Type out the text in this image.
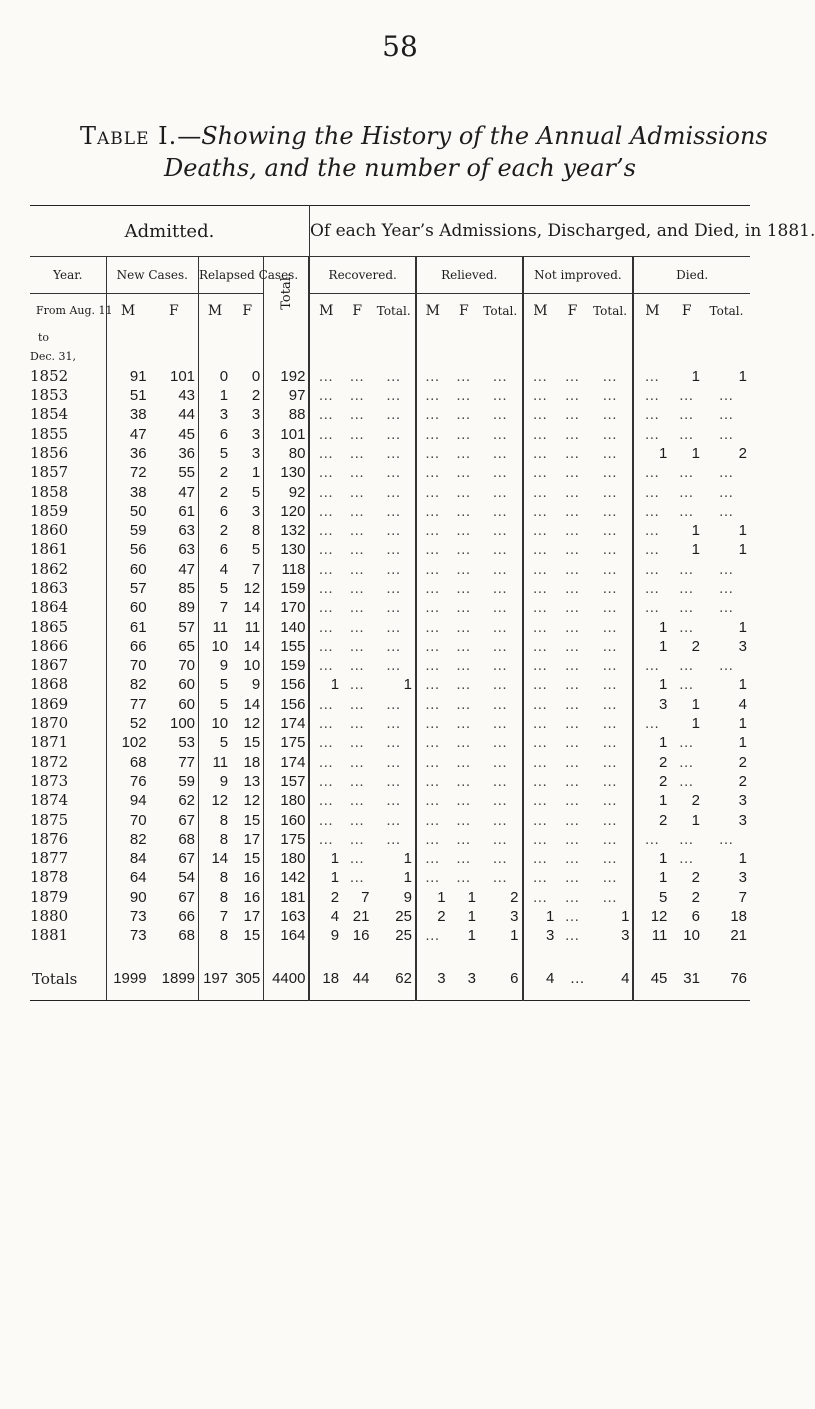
58
Table I.—Showing the History of the Annual Admissions
Deaths, and the number of each year’s
Admitted.						Of each Year’s Admissions, Discharged, and Died, in 1881.											
Year.	New Cases.		Relapsed Cases.		Total.	Recovered.			Relieved.			Not improved.			Died.		
From Aug. 11	M	F	M	F		M	F	Total.	M	F	Total.	M	F	Total.	M	F	Total.
to																	
Dec. 31,																	
1852	91	101	0	0	192	…	…	…	…	…	…	…	…	…	…	1	1
1853	51	43	1	2	97	…	…	…	…	…	…	…	…	…	…	…	…
1854	38	44	3	3	88	…	…	…	…	…	…	…	…	…	…	…	…
1855	47	45	6	3	101	…	…	…	…	…	…	…	…	…	…	…	…
1856	36	36	5	3	80	…	…	…	…	…	…	…	…	…	1	1	2
1857	72	55	2	1	130	…	…	…	…	…	…	…	…	…	…	…	…
1858	38	47	2	5	92	…	…	…	…	…	…	…	…	…	…	…	…
1859	50	61	6	3	120	…	…	…	…	…	…	…	…	…	…	…	…
1860	59	63	2	8	132	…	…	…	…	…	…	…	…	…	…	1	1
1861	56	63	6	5	130	…	…	…	…	…	…	…	…	…	…	1	1
1862	60	47	4	7	118	…	…	…	…	…	…	…	…	…	…	…	…
1863	57	85	5	12	159	…	…	…	…	…	…	…	…	…	…	…	…
1864	60	89	7	14	170	…	…	…	…	…	…	…	…	…	…	…	…
1865	61	57	11	11	140	…	…	…	…	…	…	…	…	…	1	…	1
1866	66	65	10	14	155	…	…	…	…	…	…	…	…	…	1	2	3
1867	70	70	9	10	159	…	…	…	…	…	…	…	…	…	…	…	…
1868	82	60	5	9	156	1	…	1	…	…	…	…	…	…	1	…	1
1869	77	60	5	14	156	…	…	…	…	…	…	…	…	…	3	1	4
1870	52	100	10	12	174	…	…	…	…	…	…	…	…	…	…	1	1
1871	102	53	5	15	175	…	…	…	…	…	…	…	…	…	1	…	1
1872	68	77	11	18	174	…	…	…	…	…	…	…	…	…	2	…	2
1873	76	59	9	13	157	…	…	…	…	…	…	…	…	…	2	…	2
1874	94	62	12	12	180	…	…	…	…	…	…	…	…	…	1	2	3
1875	70	67	8	15	160	…	…	…	…	…	…	…	…	…	2	1	3
1876	82	68	8	17	175	…	…	…	…	…	…	…	…	…	…	…	…
1877	84	67	14	15	180	1	…	1	…	…	…	…	…	…	1	…	1
1878	64	54	8	16	142	1	…	1	…	…	…	…	…	…	1	2	3
1879	90	67	8	16	181	2	7	9	1	1	2	…	…	…	5	2	7
1880	73	66	7	17	163	4	21	25	2	1	3	1	…	1	12	6	18
1881	73	68	8	15	164	9	16	25	…	1	1	3	…	3	11	10	21

Totals	1999	1899	197	305	4400	18	44	62	3	3	6	4	…	4	45	31	76
